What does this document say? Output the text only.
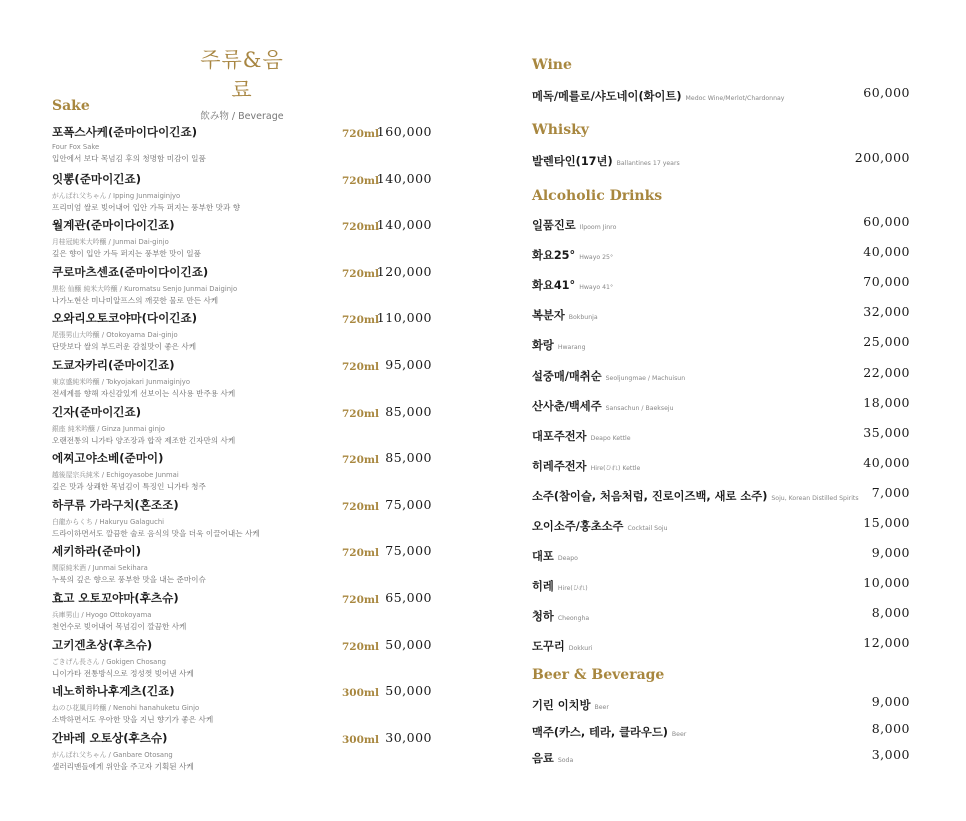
주류&음료
飲み物 / Beverage
Sake
포폭스사케(준마이다이긴죠)
Four Fox Sake
입안에서 보다 목넘김 후의 청명함 미감이 일품
720ml
160,000
잇뽕(준마이긴죠)
がんばれ父ちゃん / Ipping Junmaiginjyo
프리미엄 쌀로 빚어내어 입안 가득 퍼지는 풍부한 맛과 향
720ml
140,000
월계관(준마이다이긴죠)
月桂冠純米大吟醸 / Junmai Dai-ginjo
깊은 향이 입안 가득 퍼지는 풍부한 맛이 일품
720ml
140,000
쿠로마츠센죠(준마이다이긴죠)
黒松 仙醸 純米大吟醸 / Kuromatsu Senjo Junmai Daiginjo
나가노현산 미나미알프스의 깨끗한 물로 만든 사케
720ml
120,000
오와리오토코야마(다이긴죠)
尾張男山大吟醸 / Otokoyama Dai-ginjo
단맛보다 쌀의 부드러운 감칠맛이 좋은 사케
720ml
110,000
도쿄자카리(준마이긴죠)
東京盛純米吟醸 / Tokyojakari Junmaiginjyo
전세계를 향해 자신감있게 선보이는 식사용 반주용 사케
720ml 95,000
긴자(준마이긴죠)
銀座 純米吟醸 / Ginza Junmai ginjo
오랜전통의 니가타 양조장과 합작 제조한 긴자만의 사케
720ml 85,000
에찌고야소베(준마이)
越後屋宗兵純米 / Echigoyasobe Junmai
깊은 맛과 상쾌한 목넘김이 특징인 니가타 청주
720ml 85,000
하쿠류 가라구치(혼조조)
白龍からくち / Hakuryu Galaguchi
드라이하면서도 깔끔한 술로 음식의 맛을 더욱 이끌어내는 사케
720ml 75,000
세키하라(준마이)
関原純米酒 / Junmai Sekihara
누룩의 깊은 향으로 풍부한 맛을 내는 준마이슈
720ml 75,000
효고 오토꼬야마(후츠슈)
兵庫男山 / Hyogo Ottokoyama
천연수로 빚어내어 목넘김이 깔끔한 사케
720ml 65,000
고키겐초상(후츠슈)
ごきげん長さん / Gokigen Chosang
니이가타 전통방식으로 정성껏 빚어낸 사케
720ml 50,000
네노히하나후게츠(긴죠)
ねのひ花風月吟醸 / Nenohi hanahuketu Ginjo
소박하면서도 우아한 맛을 지닌 향기가 좋은 사케
300ml 50,000
간바레 오토상(후츠슈)
がんばれ父ちゃん / Ganbare Otosang
샐러리맨들에게 위안을 주고자 기획된 사케
300ml 30,000
Wine
메독/메를로/샤도네이(화이트) Medoc Wine/Merlot/Chardonnay	60,000
Whisky
발렌타인(17년) Ballantines 17 years	200,000
Alcoholic Drinks
일품진로 Ilpoom Jinro	60,000
화요25° Hwayo 25°	40,000
화요41° Hwayo 41°	70,000
복분자 Bokbunja	32,000
화랑 Hwarang	25,000
설중매/매취순 Seoljungmae / Machuisun	22,000
산사춘/백세주 Sansachun / Baekseju	18,000
대포주전자 Deapo Kettle	35,000
히레주전자 Hire(ひれ) Kettle	40,000
소주(참이슬, 처음처럼, 진로이즈백, 새로 소주) Soju, Korean Distilled Spirits	7,000
오이소주/홍초소주 Cocktail Soju	15,000
대포 Deapo	9,000
히레 Hire(ひれ)	10,000
청하 Cheongha	8,000
도꾸리 Dokkuri	12,000
Beer & Beverage
기린 이치방 Beer	9,000
맥주(카스, 테라, 클라우드) Beer	8,000
음료 Soda	3,000
